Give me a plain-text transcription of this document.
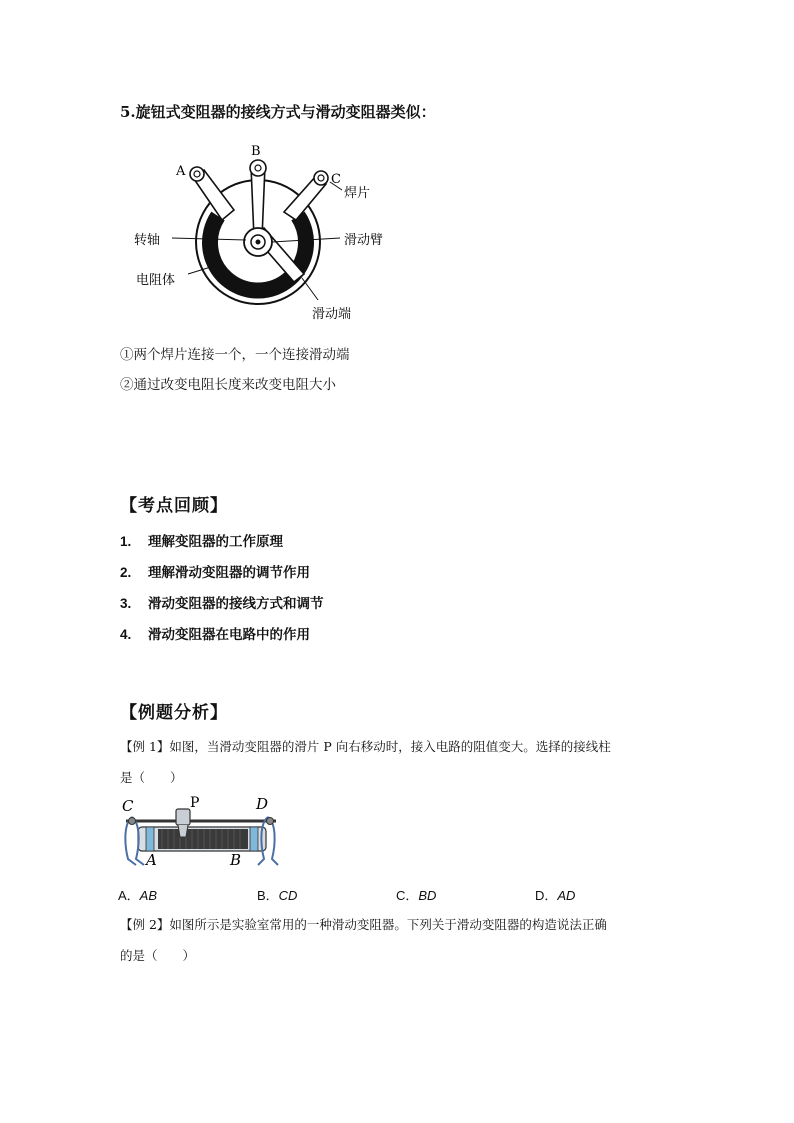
5.旋钮式变阻器的接线方式与滑动变阻器类似：
A
B
C
焊片
转轴	滑动臂
电阻体
滑动端
①两个焊片连接一个，一个连接滑动端
②通过改变电阻长度来改变电阻大小
【考点回顾】
1. 理解变阻器的工作原理
2. 理解滑动变阻器的调节作用
3. 滑动变阻器的接线方式和调节
4. 滑动变阻器在电路中的作用
【例题分析】
【例 1】如图，当滑动变阻器的滑片 P 向右移动时，接入电路的阻值变大。选择的接线柱
是（　　）
C	P	D
A	B
A．AB	B．CD	C．BD	D．AD
【例 2】如图所示是实验室常用的一种滑动变阻器。下列关于滑动变阻器的构造说法正确
的是（　　）
